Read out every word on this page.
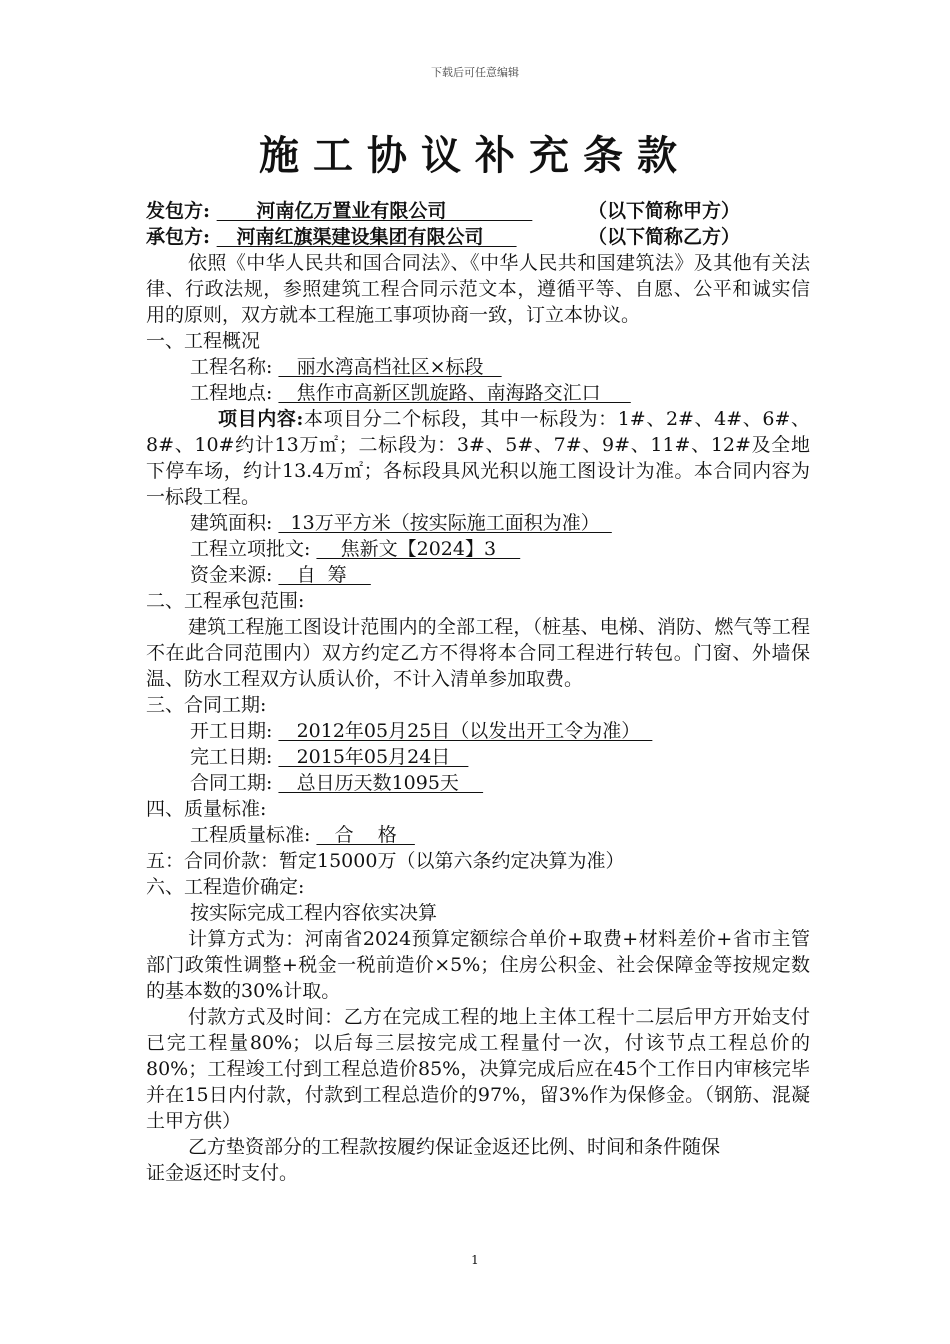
下载后可任意编辑
施工协议补充条款
发包方:       河南亿万置业有限公司	（以下简称甲方）
承包方:    河南红旗渠建设集团有限公司	（以下简称乙方）

依照《中华人民共和国合同法》、《中华人民共和国建筑法》及其他有关法律、行政法规，参照建筑工程合同示范文本，遵循平等、自愿、公平和诚实信用的原则，双方就本工程施工事项协商一致，订立本协议。

一、工程概况
工程名称:    丽水湾高档社区×标段
工程地点:    焦作市高新区凯旋路、南海路交汇口

项目内容:本项目分二个标段，其中一标段为：1#、2#、4#、6#、8#、10#约计13万㎡；二标段为：3#、5#、7#、9#、11#、12#及全地下停车场，约计13.4万㎡；各标段具风光积以施工图设计为准。本合同内容为一标段工程。

建筑面积:   13万平方米（按实际施工面积为准）
工程立项批文:     焦新文【2024】3
资金来源:    自  筹
二、工程承包范围:

建筑工程施工图设计范围内的全部工程，（桩基、电梯、消防、燃气等工程不在此合同范围内）双方约定乙方不得将本合同工程进行转包。门窗、外墙保温、防水工程双方认质认价，不计入清单参加取费。

三、合同工期:
开工日期:    2012年05月25日（以发出开工令为准）
完工日期:    2015年05月24日
合同工期:    总日历天数1095天
四、质量标准:
工程质量标准:    合    格
五：合同价款：暂定15000万（以第六条约定决算为准）
六、工程造价确定:
按实际完成工程内容依实决算

计算方式为：河南省2024预算定额综合单价+取费+材料差价+省市主管部门政策性调整+税金一税前造价×5%；住房公积金、社会保障金等按规定数的基本数的30%计取。

付款方式及时间：乙方在完成工程的地上主体工程十二层后甲方开始支付已完工程量80%；以后每三层按完成工程量付一次，付该节点工程总价的80%；工程竣工付到工程总造价85%，决算完成后应在45个工作日内审核完毕并在15日内付款，付款到工程总造价的97%，留3%作为保修金。（钢筋、混凝土甲方供）

乙方垫资部分的工程款按履约保证金返还比例、时间和条件随保

证金返还时支付。
1
